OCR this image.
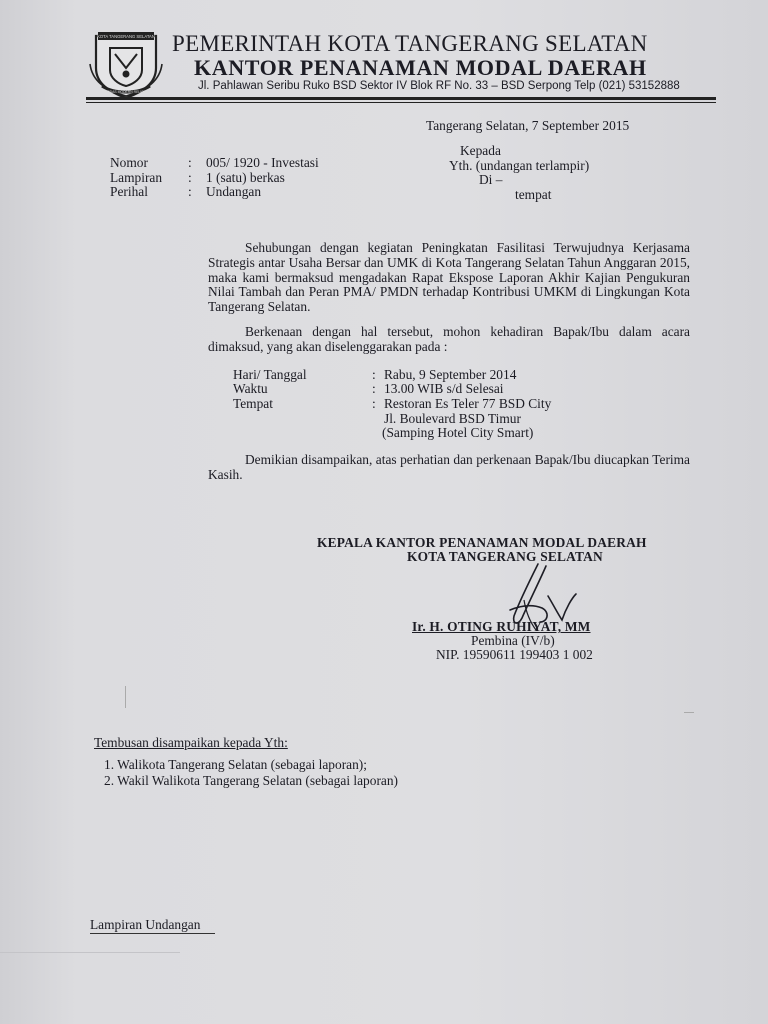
KOTA TANGERANG SELATAN
CERDAS MODERN RELIGIUS
PEMERINTAH KOTA TANGERANG SELATAN
KANTOR PENANAMAN MODAL DAERAH
Jl. Pahlawan Seribu Ruko BSD Sektor IV Blok RF No. 33 – BSD Serpong Telp (021) 53152888
Tangerang Selatan, 7 September 2015
Kepada
Yth. (undangan terlampir)
Di –
tempat
Nomor	: 005/ 1920 - Investasi
Lampiran : 1 (satu) berkas
Perihal	: Undangan
Sehubungan dengan kegiatan Peningkatan Fasilitasi Terwujudnya Kerjasama Strategis antar Usaha Bersar dan UMK di Kota Tangerang Selatan Tahun Anggaran 2015, maka kami bermaksud mengadakan Rapat Ekspose Laporan Akhir Kajian Pengukuran Nilai Tambah dan Peran PMA/ PMDN terhadap Kontribusi UMKM di Lingkungan Kota Tangerang Selatan.
Berkenaan dengan hal tersebut, mohon kehadiran Bapak/Ibu dalam acara dimaksud, yang akan diselenggarakan pada :
Hari/ Tanggal	: Rabu, 9 September 2014
Waktu	: 13.00 WIB s/d Selesai
Tempat	: Restoran Es Teler 77 BSD City
Jl. Boulevard BSD Timur
(Samping Hotel City Smart)
Demikian disampaikan, atas perhatian dan perkenaan Bapak/Ibu diucapkan Terima Kasih.
KEPALA KANTOR PENANAMAN MODAL DAERAH
KOTA TANGERANG SELATAN
Ir. H. OTING RUHIYAT, MM
Pembina (IV/b)
NIP. 19590611 199403 1 002
Tembusan disampaikan kepada Yth:
1. Walikota Tangerang Selatan (sebagai laporan);
2. Wakil Walikota Tangerang Selatan (sebagai laporan)
Lampiran Undangan
